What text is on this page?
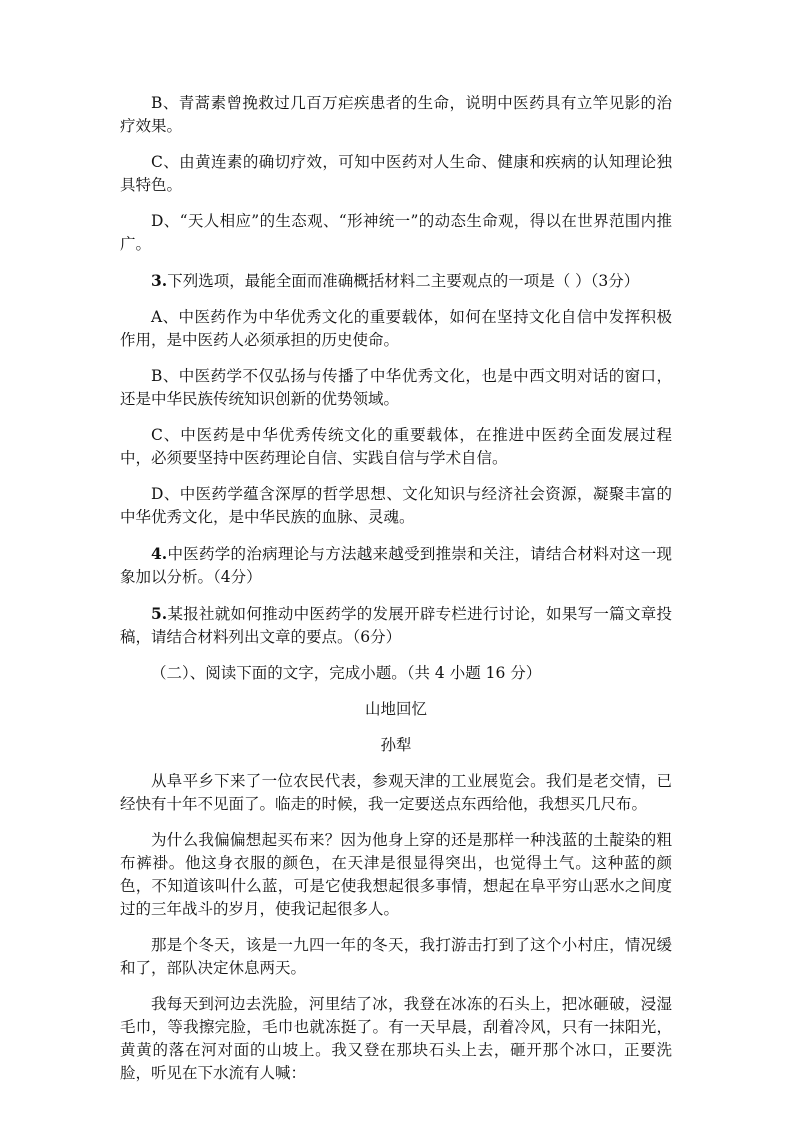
B、青蒿素曾挽救过几百万疟疾患者的生命，说明中医药具有立竿见影的治疗效果。

C、由黄连素的确切疗效，可知中医药对人生命、健康和疾病的认知理论独具特色。

D、“天人相应”的生态观、“形神统一”的动态生命观，得以在世界范围内推广。

3.下列选项，最能全面而准确概括材料二主要观点的一项是（ ）（3分）

A、中医药作为中华优秀文化的重要载体，如何在坚持文化自信中发挥积极作用，是中医药人必须承担的历史使命。

B、中医药学不仅弘扬与传播了中华优秀文化，也是中西文明对话的窗口，还是中华民族传统知识创新的优势领域。

C、中医药是中华优秀传统文化的重要载体，在推进中医药全面发展过程中，必须要坚持中医药理论自信、实践自信与学术自信。

D、中医药学蕴含深厚的哲学思想、文化知识与经济社会资源，凝聚丰富的中华优秀文化，是中华民族的血脉、灵魂。

4.中医药学的治病理论与方法越来越受到推崇和关注，请结合材料对这一现象加以分析。（4分）

5.某报社就如何推动中医药学的发展开辟专栏进行讨论，如果写一篇文章投稿，请结合材料列出文章的要点。（6分）

（二）、阅读下面的文字，完成小题。（共 4 小题 16 分）

山地回忆

孙犁

从阜平乡下来了一位农民代表，参观天津的工业展览会。我们是老交情，已经快有十年不见面了。临走的时候，我一定要送点东西给他，我想买几尺布。

为什么我偏偏想起买布来？因为他身上穿的还是那样一种浅蓝的土靛染的粗布裤褂。他这身衣服的颜色，在天津是很显得突出，也觉得土气。这种蓝的颜色，不知道该叫什么蓝，可是它使我想起很多事情，想起在阜平穷山恶水之间度过的三年战斗的岁月，使我记起很多人。

那是个冬天，该是一九四一年的冬天，我打游击打到了这个小村庄，情况缓和了，部队决定休息两天。

我每天到河边去洗脸，河里结了冰，我登在冰冻的石头上，把冰砸破，浸湿毛巾，等我擦完脸，毛巾也就冻挺了。有一天早晨，刮着冷风，只有一抹阳光，黄黄的落在河对面的山坡上。我又登在那块石头上去，砸开那个冰口，正要洗脸，听见在下水流有人喊：
